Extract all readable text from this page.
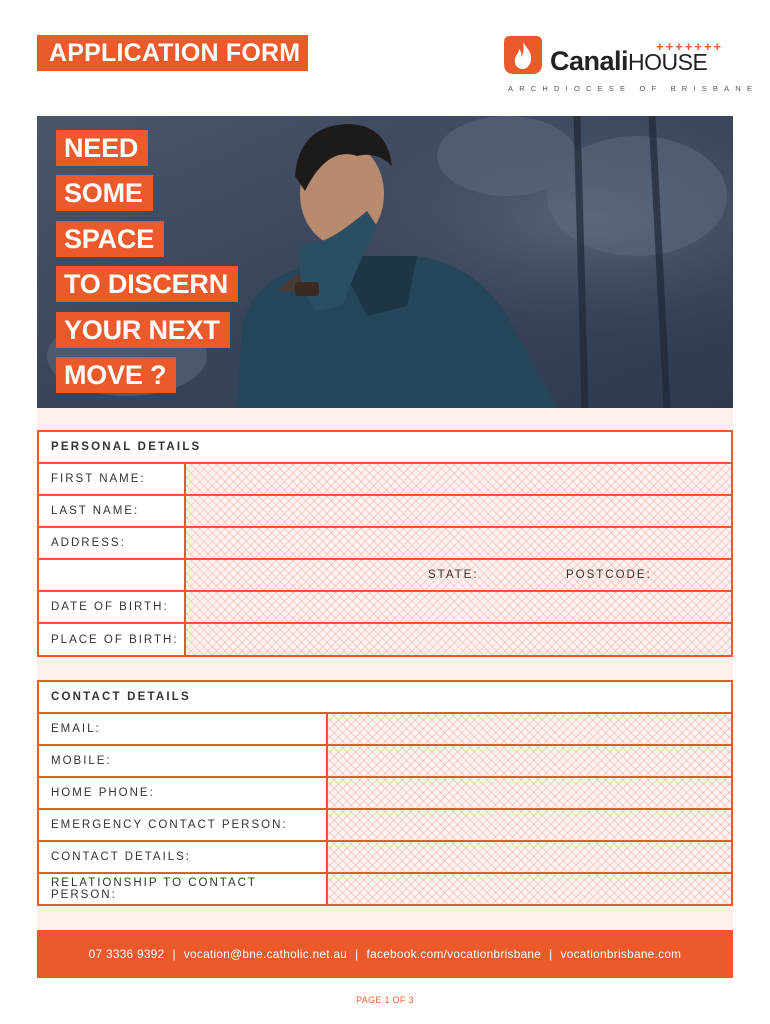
APPLICATION FORM	CanaliHOUSE
+++++++
ARCHDIOCESE OF BRISBANE
NEED
SOME
SPACE
TO DISCERN
YOUR NEXT
MOVE ?
PERSONAL DETAILS
FIRST NAME:
LAST NAME:
ADDRESS:
STATE:	POSTCODE:
DATE OF BIRTH:
PLACE OF BIRTH:
CONTACT DETAILS
EMAIL:
MOBILE:
HOME PHONE:
EMERGENCY CONTACT PERSON:
CONTACT DETAILS:
RELATIONSHIP TO CONTACT PERSON:
07 3336 9392 | vocation@bne.catholic.net.au | facebook.com/vocationbrisbane | vocationbrisbane.com
PAGE 1 OF 3
